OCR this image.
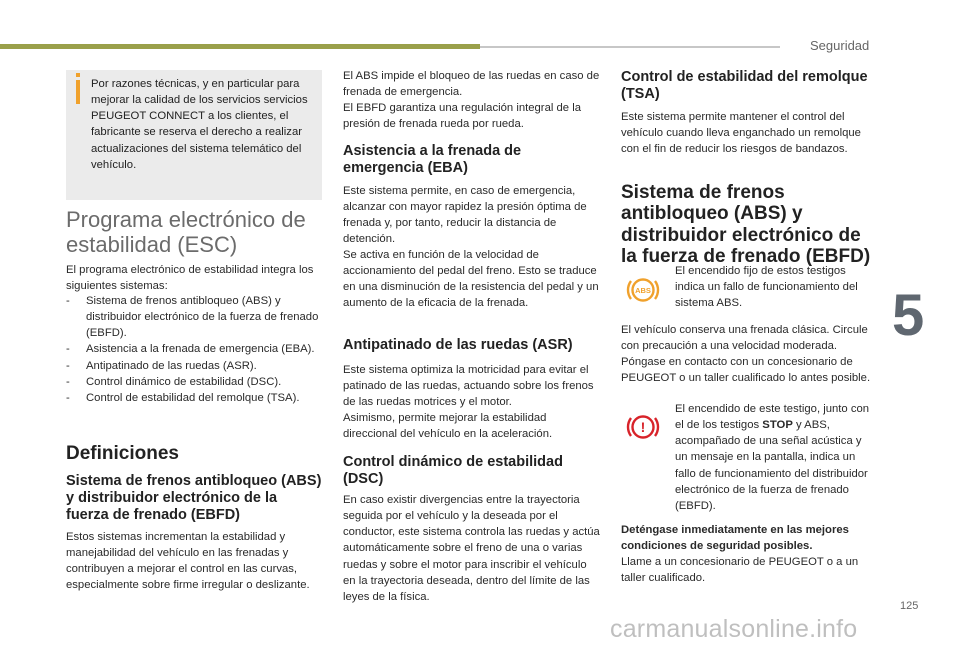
Seguridad
5
125

Por razones técnicas, y en particular para mejorar la calidad de los servicios servicios PEUGEOT CONNECT a los clientes, el fabricante se reserva el derecho a realizar actualizaciones del sistema telemático del vehículo.

Programa electrónico de estabilidad (ESC)

El programa electrónico de estabilidad integra los siguientes sistemas:

- Sistema de frenos antibloqueo (ABS) y distribuidor electrónico de la fuerza de frenado (EBFD).
- Asistencia a la frenada de emergencia (EBA).
- Antipatinado de las ruedas (ASR).
- Control dinámico de estabilidad (DSC).
- Control de estabilidad del remolque (TSA).
Definiciones
Sistema de frenos antibloqueo (ABS) y distribuidor electrónico de la fuerza de frenado (EBFD)

Estos sistemas incrementan la estabilidad y manejabilidad del vehículo en las frenadas y contribuyen a mejorar el control en las curvas, especialmente sobre firme irregular o deslizante.

El ABS impide el bloqueo de las ruedas en caso de frenada de emergencia.

El EBFD garantiza una regulación integral de la presión de frenada rueda por rueda.

Asistencia a la frenada de emergencia (EBA)

Este sistema permite, en caso de emergencia, alcanzar con mayor rapidez la presión óptima de frenada y, por tanto, reducir la distancia de detención.

Se activa en función de la velocidad de accionamiento del pedal del freno. Esto se traduce en una disminución de la resistencia del pedal y un aumento de la eficacia de la frenada.

Antipatinado de las ruedas (ASR)

Este sistema optimiza la motricidad para evitar el patinado de las ruedas, actuando sobre los frenos de las ruedas motrices y el motor.

Asimismo, permite mejorar la estabilidad direccional del vehículo en la aceleración.

Control dinámico de estabilidad (DSC)

En caso existir divergencias entre la trayectoria seguida por el vehículo y la deseada por el conductor, este sistema controla las ruedas y actúa automáticamente sobre el freno de una o varias ruedas y sobre el motor para inscribir el vehículo en la trayectoria deseada, dentro del límite de las leyes de la física.

Control de estabilidad del remolque (TSA)

Este sistema permite mantener el control del vehículo cuando lleva enganchado un remolque con el fin de reducir los riesgos de bandazos.

Sistema de frenos antibloqueo (ABS) y distribuidor electrónico de la fuerza de frenado (EBFD)
ABS

El encendido fijo de estos testigos indica un fallo de funcionamiento del sistema ABS.

El vehículo conserva una frenada clásica. Circule con precaución a una velocidad moderada. Póngase en contacto con un concesionario de PEUGEOT o un taller cualificado lo antes posible.

!

El encendido de este testigo, junto con el de los testigos STOP y ABS, acompañado de una señal acústica y un mensaje en la pantalla, indica un fallo de funcionamiento del distribuidor electrónico de la fuerza de frenado (EBFD).

Deténgase inmediatamente en las mejores condiciones de seguridad posibles.

Llame a un concesionario de PEUGEOT o a un taller cualificado.

carmanualsonline.info
